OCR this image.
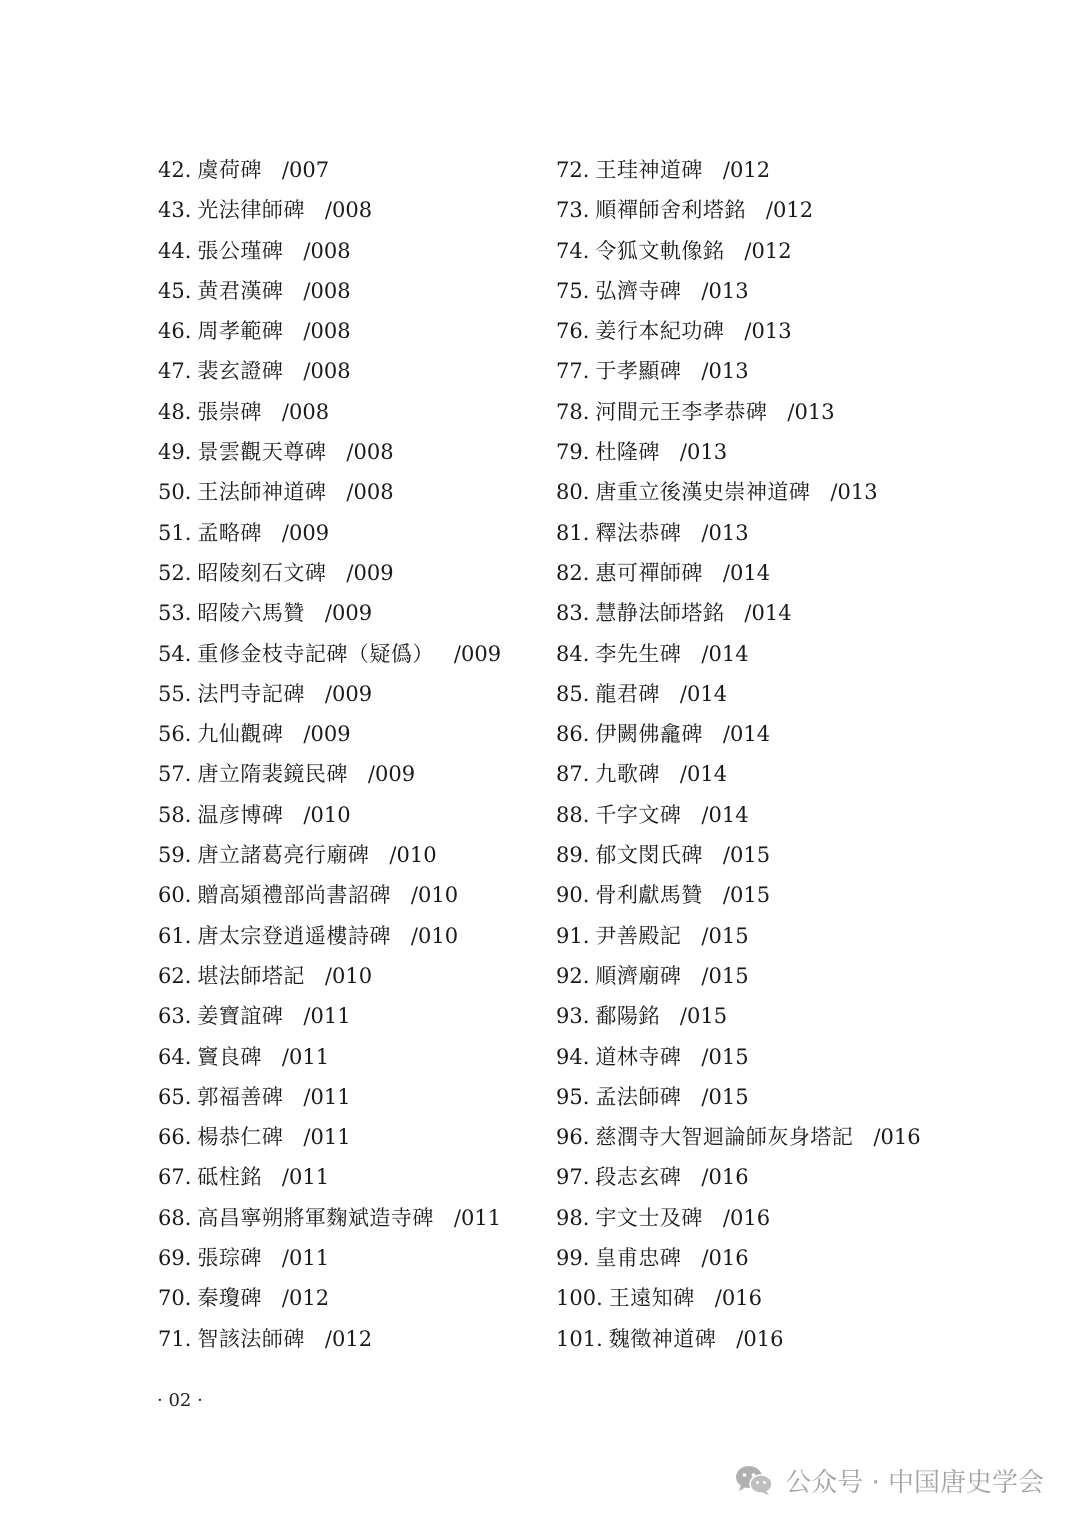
42. 虞荷碑 /007
43. 光法律師碑 /008
44. 張公瑾碑 /008
45. 黄君漢碑 /008
46. 周孝範碑 /008
47. 裴玄證碑 /008
48. 張崇碑 /008
49. 景雲觀天尊碑 /008
50. 王法師神道碑 /008
51. 孟略碑 /009
52. 昭陵刻石文碑 /009
53. 昭陵六馬贊 /009
54. 重修金枝寺記碑（疑僞） /009
55. 法門寺記碑 /009
56. 九仙觀碑 /009
57. 唐立隋裴鏡民碑 /009
58. 温彦博碑 /010
59. 唐立諸葛亮行廟碑 /010
60. 贈高熲禮部尚書詔碑 /010
61. 唐太宗登逍遥樓詩碑 /010
62. 堪法師塔記 /010
63. 姜寶誼碑 /011
64. 竇良碑 /011
65. 郭福善碑 /011
66. 楊恭仁碑 /011
67. 砥柱銘 /011
68. 高昌寧朔將軍麴斌造寺碑 /011
69. 張琮碑 /011
70. 秦瓊碑 /012
71. 智該法師碑 /012
72. 王珪神道碑 /012
73. 順禪師舍利塔銘 /012
74. 令狐文軌像銘 /012
75. 弘濟寺碑 /013
76. 姜行本紀功碑 /013
77. 于孝顯碑 /013
78. 河間元王李孝恭碑 /013
79. 杜隆碑 /013
80. 唐重立後漢史崇神道碑 /013
81. 釋法恭碑 /013
82. 惠可禪師碑 /014
83. 慧静法師塔銘 /014
84. 李先生碑 /014
85. 龍君碑 /014
86. 伊闕佛龕碑 /014
87. 九歌碑 /014
88. 千字文碑 /014
89. 郁文閔氏碑 /015
90. 骨利獻馬贊 /015
91. 尹善殿記 /015
92. 順濟廟碑 /015
93. 鄱陽銘 /015
94. 道林寺碑 /015
95. 孟法師碑 /015
96. 慈潤寺大智迴論師灰身塔記 /016
97. 段志玄碑 /016
98. 宇文士及碑 /016
99. 皇甫忠碑 /016
100. 王遠知碑 /016
101. 魏徵神道碑 /016
· 02 ·
公众号 · 中国唐史学会
